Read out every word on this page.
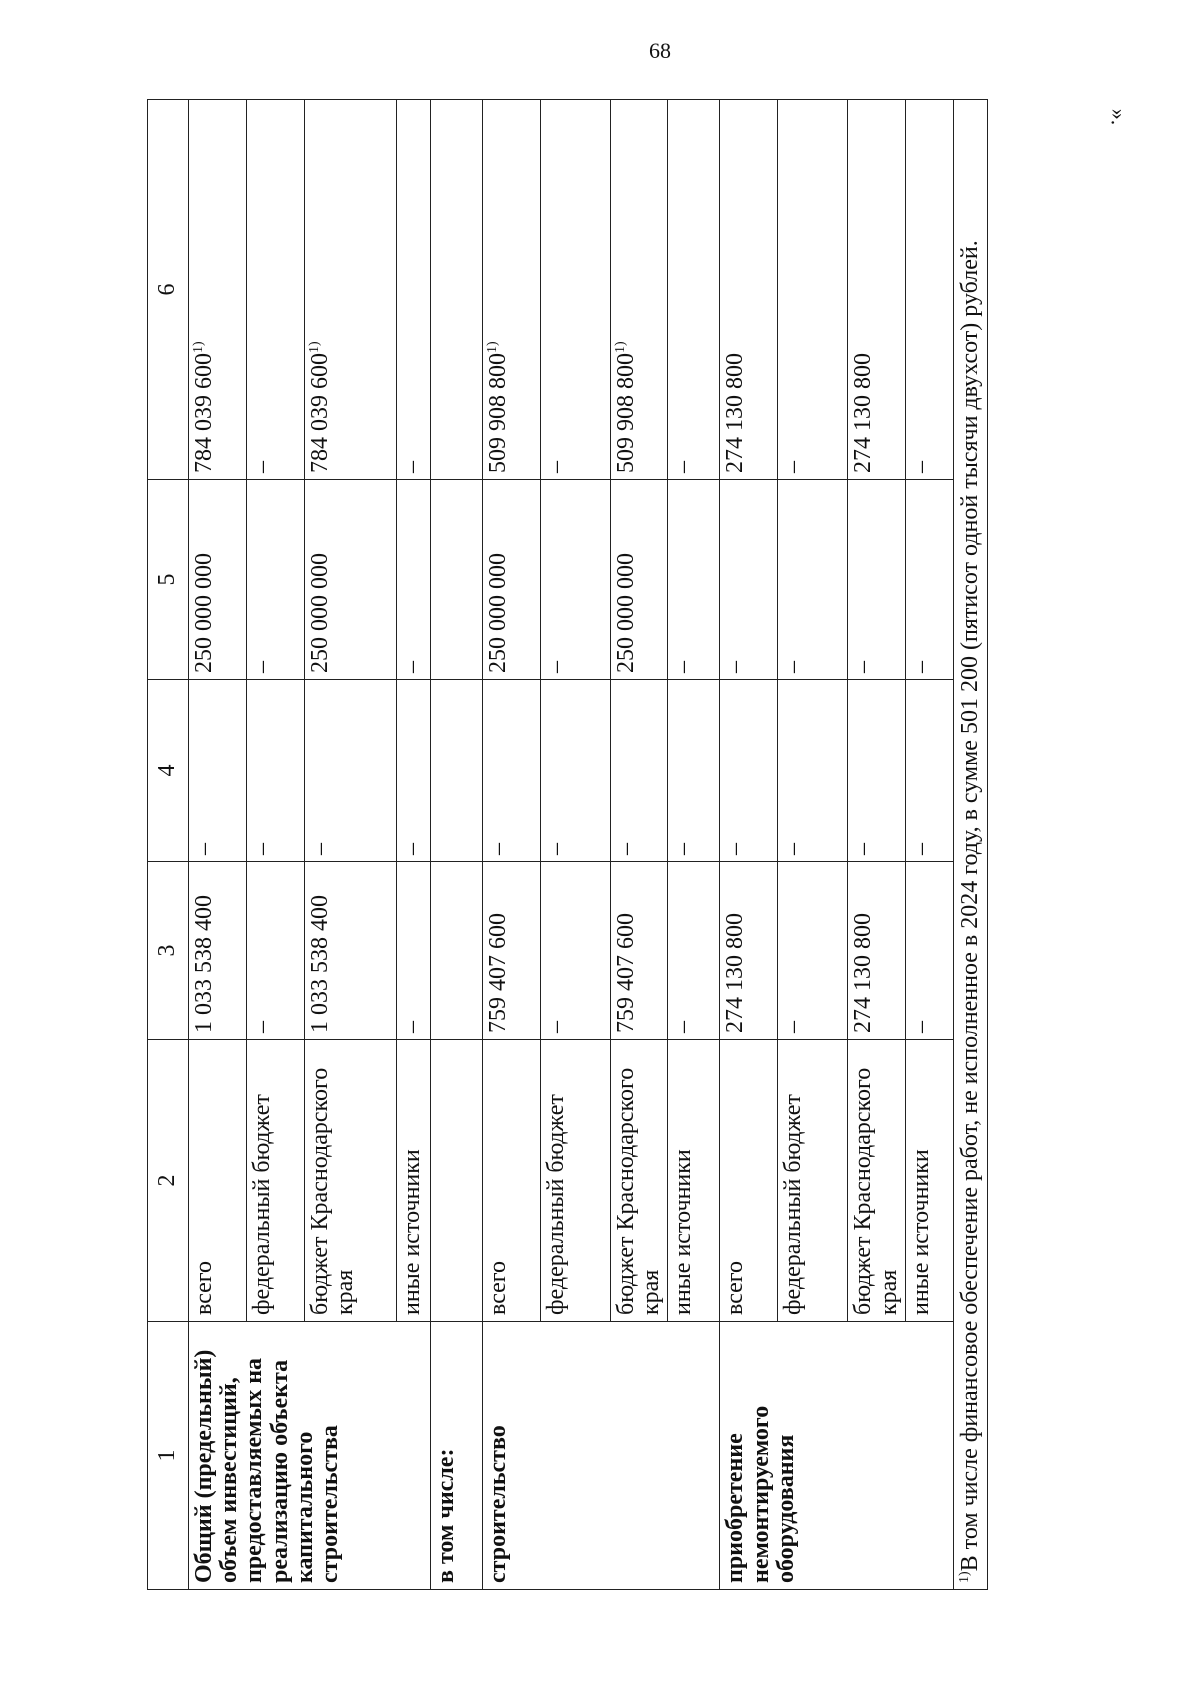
68
».
1	2	3	4	5	6
Общий (предельный) объем инвестиций, предоставляемых на реализацию объекта капитального строительства	всего	1 033 538 400	–	250 000 000	784 039 600$^{1)}$
	федеральный бюджет	–	–	–	–
	бюджет Краснодарского края	1 033 538 400	–	250 000 000	784 039 600$^{1)}$
	иные источники	–	–	–	–
в том числе:					
строительство	всего	759 407 600	–	250 000 000	509 908 800$^{1)}$
	федеральный бюджет	–	–	–	–
	бюджет Краснодарского края	759 407 600	–	250 000 000	509 908 800$^{1)}$
	иные источники	–	–	–	–
приобретение немонтируемого оборудования	всего	274 130 800	–	–	274 130 800
	федеральный бюджет	–	–	–	–
	бюджет Краснодарского края	274 130 800	–	–	274 130 800
	иные источники	–	–	–	–
$^{1)}$В том числе финансовое обеспечение работ, не исполненное в 2024 году, в сумме 501 200 (пятисот одной тысячи двухсот) рублей.					
